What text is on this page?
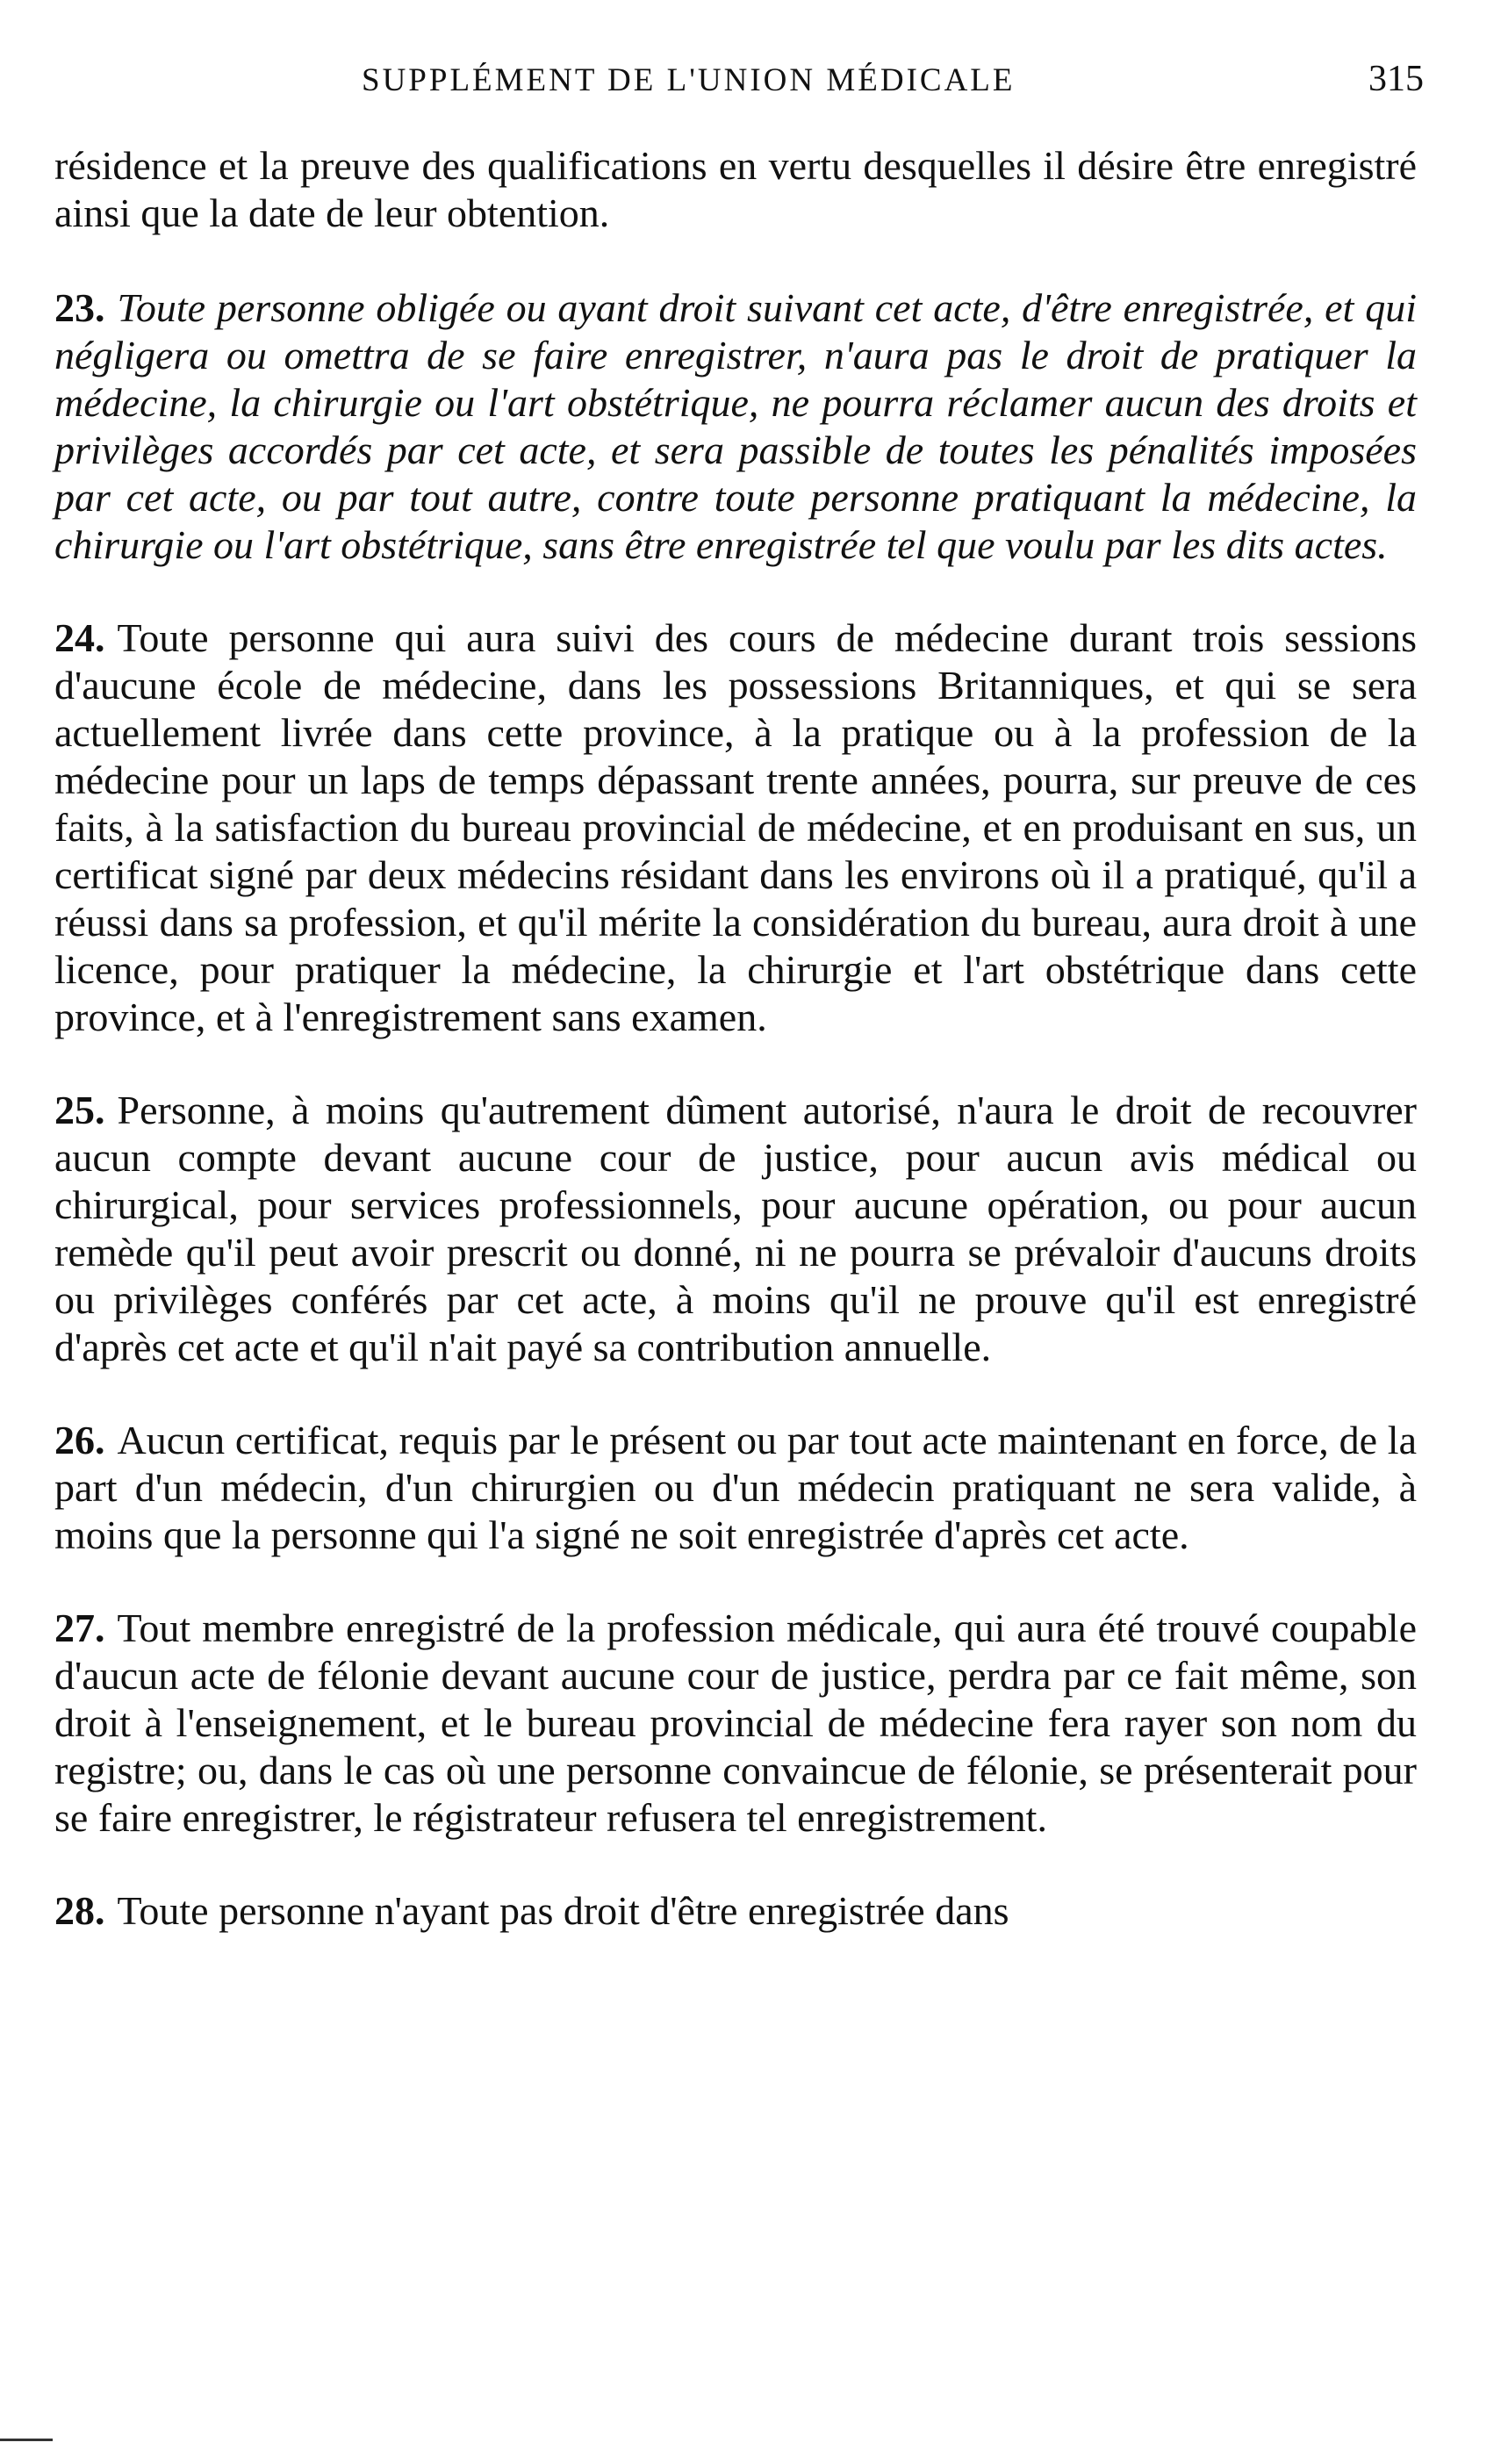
SUPPLÉMENT DE L'UNION MÉDICALE	315

résidence et la preuve des qualifications en vertu desquelles il désire être enregistré ainsi que la date de leur obtention.

23. Toute personne obligée ou ayant droit suivant cet acte, d'être enregistrée, et qui négligera ou omettra de se faire enregistrer, n'aura pas le droit de pratiquer la médecine, la chirurgie ou l'art obstétrique, ne pourra réclamer aucun des droits et privilèges accordés par cet acte, et sera passible de toutes les pénalités imposées par cet acte, ou par tout autre, contre toute personne pratiquant la médecine, la chirurgie ou l'art obstétrique, sans être enregistrée tel que voulu par les dits actes.

24. Toute personne qui aura suivi des cours de médecine durant trois sessions d'aucune école de médecine, dans les possessions Britanniques, et qui se sera actuellement livrée dans cette province, à la pratique ou à la profession de la médecine pour un laps de temps dépassant trente années, pourra, sur preuve de ces faits, à la satisfaction du bureau provincial de médecine, et en produisant en sus, un certificat signé par deux médecins résidant dans les environs où il a pratiqué, qu'il a réussi dans sa profession, et qu'il mérite la considération du bureau, aura droit à une licence, pour pratiquer la médecine, la chirurgie et l'art obstétrique dans cette province, et à l'enregistrement sans examen.

25. Personne, à moins qu'autrement dûment autorisé, n'aura le droit de recouvrer aucun compte devant aucune cour de justice, pour aucun avis médical ou chirurgical, pour services professionnels, pour aucune opération, ou pour aucun remède qu'il peut avoir prescrit ou donné, ni ne pourra se prévaloir d'aucuns droits ou privilèges conférés par cet acte, à moins qu'il ne prouve qu'il est enregistré d'après cet acte et qu'il n'ait payé sa contribution annuelle.

26. Aucun certificat, requis par le présent ou par tout acte maintenant en force, de la part d'un médecin, d'un chirurgien ou d'un médecin pratiquant ne sera valide, à moins que la personne qui l'a signé ne soit enregistrée d'après cet acte.

27. Tout membre enregistré de la profession médicale, qui aura été trouvé coupable d'aucun acte de félonie devant aucune cour de justice, perdra par ce fait même, son droit à l'enseignement, et le bureau provincial de médecine fera rayer son nom du registre; ou, dans le cas où une personne convaincue de félonie, se présenterait pour se faire enregistrer, le régistrateur refusera tel enregistrement.

28. Toute personne n'ayant pas droit d'être enregistrée dans
